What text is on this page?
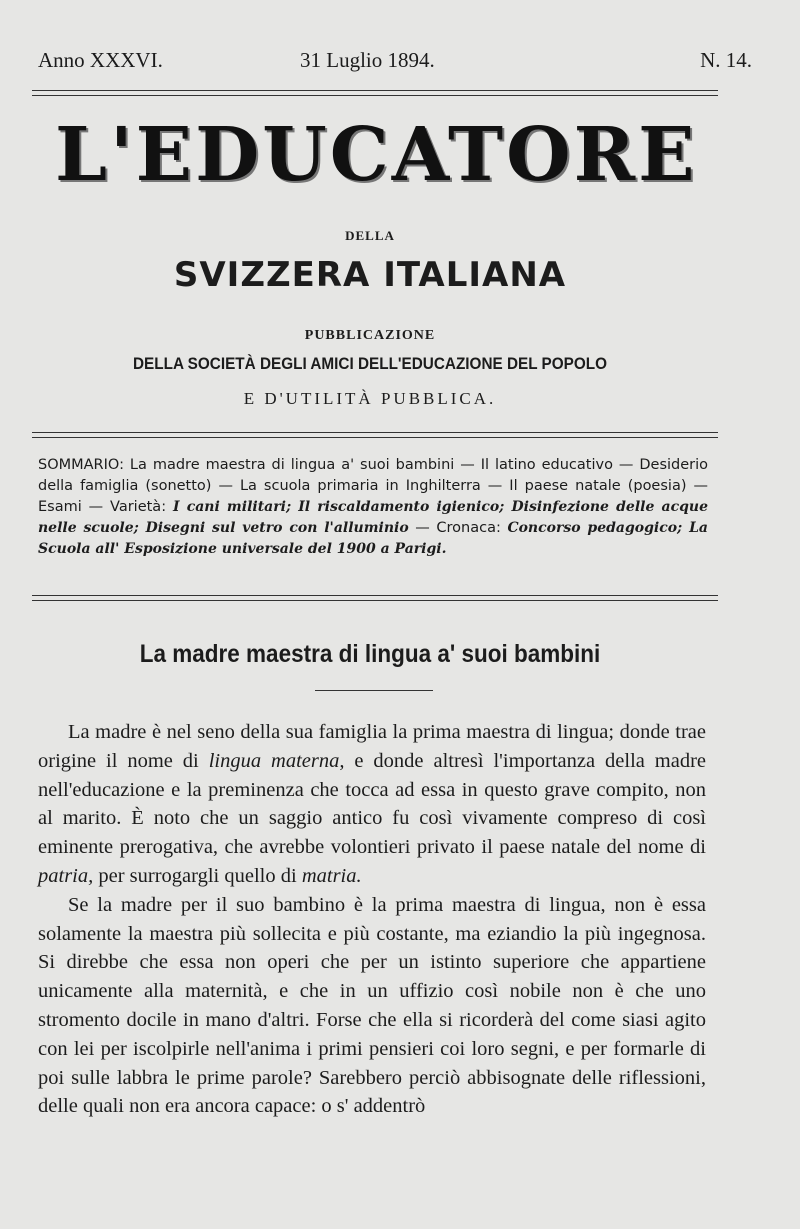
Anno XXXVI.	31 Luglio 1894.	N. 14.
L'EDUCATORE
DELLA
SVIZZERA ITALIANA
PUBBLICAZIONE
DELLA SOCIETÀ DEGLI AMICI DELL'EDUCAZIONE DEL POPOLO
E D'UTILITÀ PUBBLICA.
SOMMARIO: La madre maestra di lingua a' suoi bambini — Il latino educativo — Desiderio della famiglia (sonetto) — La scuola primaria in Inghilterra — Il paese natale (poesia) — Esami — Varietà: I cani militari; Il riscaldamento igienico; Disinfezione delle acque nelle scuole; Disegni sul vetro con l'alluminio — Cronaca: Concorso pedagogico; La Scuola all' Esposizione universale del 1900 a Parigi.
La madre maestra di lingua a' suoi bambini

La madre è nel seno della sua famiglia la prima maestra di lingua; donde trae origine il nome di lingua materna, e donde altresì l'importanza della madre nell'educazione e la preminenza che tocca ad essa in questo grave compito, non al marito. È noto che un saggio antico fu così vivamente compreso di così eminente prerogativa, che avrebbe volontieri privato il paese natale del nome di patria, per surrogargli quello di matria.

Se la madre per il suo bambino è la prima maestra di lingua, non è essa solamente la maestra più sollecita e più costante, ma eziandio la più ingegnosa. Si direbbe che essa non operi che per un istinto superiore che appartiene unicamente alla maternità, e che in un uffizio così nobile non è che uno stromento docile in mano d'altri. Forse che ella si ricorderà del come siasi agito con lei per iscolpirle nell'anima i primi pensieri coi loro segni, e per formarle di poi sulle labbra le prime parole? Sarebbero perciò abbisognate delle riflessioni, delle quali non era ancora capace: o s' addentrò
